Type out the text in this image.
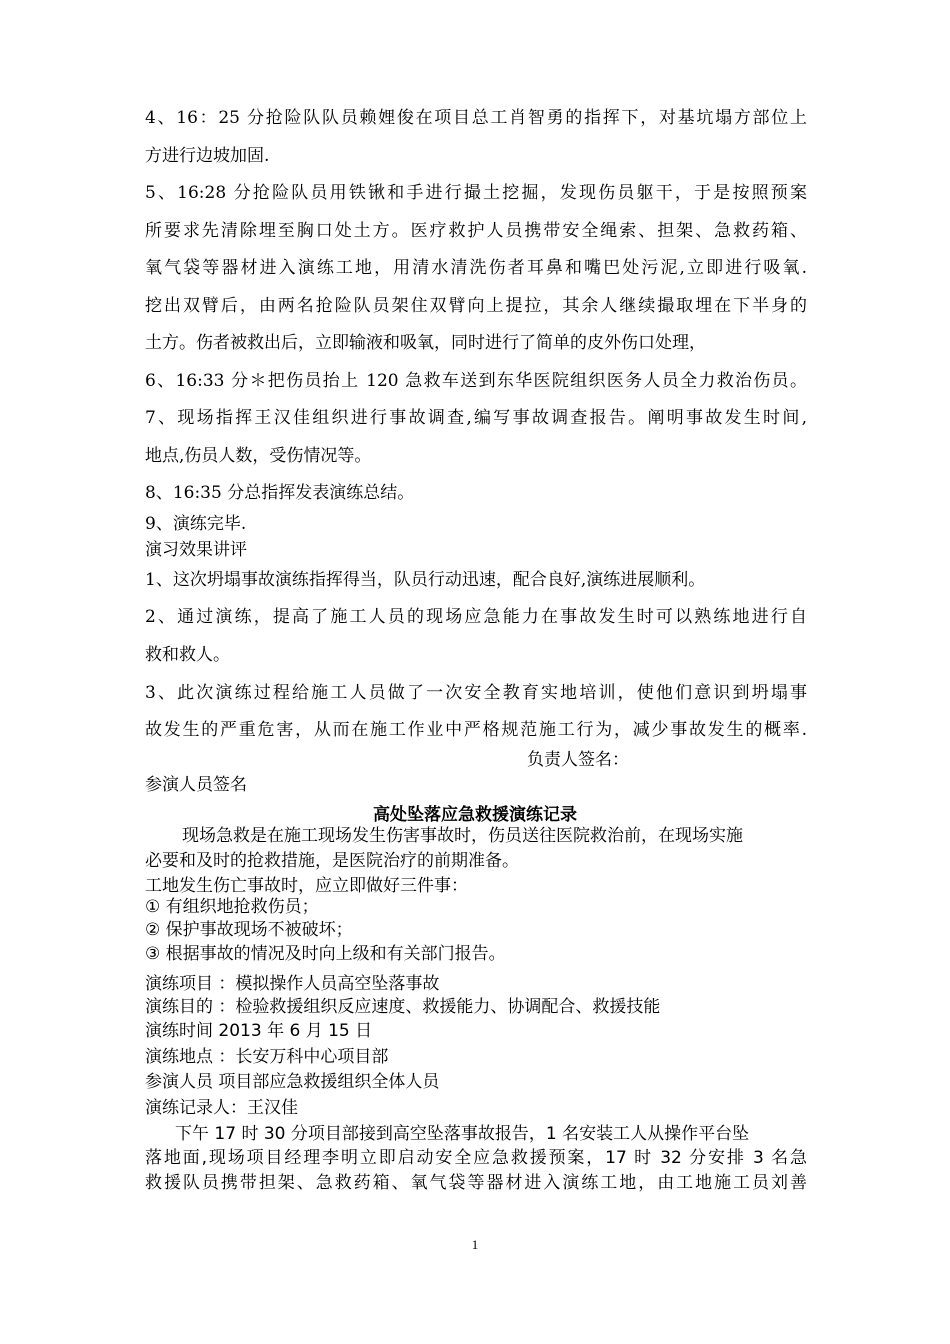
4、16：25 分抢险队队员赖娌俊在项目总工肖智勇的指挥下，对基坑塌方部位上
方进行边坡加固.
5、16:28 分抢险队员用铁锹和手进行撮土挖掘，发现伤员躯干，于是按照预案
所要求先清除埋至胸口处土方。医疗救护人员携带安全绳索、担架、急救药箱、
氧气袋等器材进入演练工地，用清水清洗伤者耳鼻和嘴巴处污泥,立即进行吸氧.
挖出双臂后，由两名抢险队员架住双臂向上提拉，其余人继续撮取埋在下半身的
土方。伤者被救出后，立即输液和吸氧，同时进行了简单的皮外伤口处理，
6、16:33 分＊把伤员抬上 120 急救车送到东华医院组织医务人员全力救治伤员。
7、现场指挥王汉佳组织进行事故调查,编写事故调查报告。阐明事故发生时间,
地点,伤员人数，受伤情况等。
8、16:35 分总指挥发表演练总结。
9、演练完毕.
演习效果讲评
1、这次坍塌事故演练指挥得当，队员行动迅速，配合良好,演练进展顺利。
2、通过演练，提高了施工人员的现场应急能力在事故发生时可以熟练地进行自
救和救人。
3、此次演练过程给施工人员做了一次安全教育实地培训，使他们意识到坍塌事
故发生的严重危害，从而在施工作业中严格规范施工行为，减少事故发生的概率.
负责人签名：
参演人员签名
高处坠落应急救援演练记录
现场急救是在施工现场发生伤害事故时，伤员送往医院救治前，在现场实施
必要和及时的抢救措施，是医院治疗的前期准备。
工地发生伤亡事故时，应立即做好三件事：
① 有组织地抢救伤员；
② 保护事故现场不被破坏；
③ 根据事故的情况及时向上级和有关部门报告。
演练项目 ：模拟操作人员高空坠落事故
演练目的 ：检验救援组织反应速度、救援能力、协调配合、救援技能
演练时间 2013 年 6 月 15 日
演练地点 ：长安万科中心项目部
参演人员 项目部应急救援组织全体人员
演练记录人：王汉佳
下午 17 时 30 分项目部接到高空坠落事故报告，1 名安装工人从操作平台坠
落地面,现场项目经理李明立即启动安全应急救援预案，17 时 32 分安排 3 名急
救援队员携带担架、急救药箱、氧气袋等器材进入演练工地，由工地施工员刘善
1
